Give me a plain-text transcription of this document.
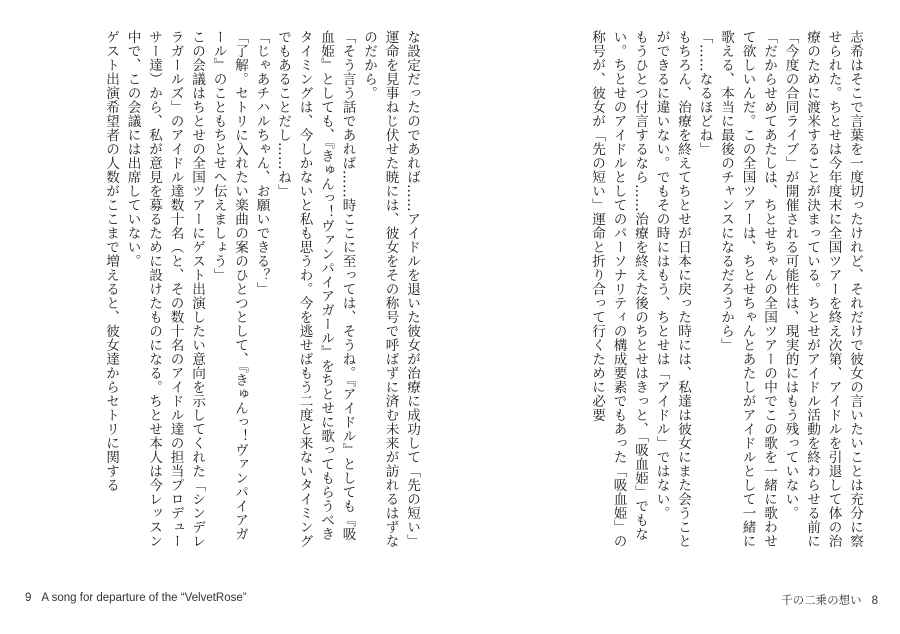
な設定だったのであれば……アイドルを退いた彼女が治療に成功して「先の短い」運命を見事ねじ伏せた暁には、彼女をその称号で呼ばずに済む未来が訪れるはずなのだから。

「そう言う話であれば……時ここに至っては、そうね。『アイドル』としても『吸血姫』としても、『きゅんっ！ヴァンパイアガール』をちとせに歌ってもらうべきタイミングは、今しかないと私も思うわ。今を逃せばもう二度と来ないタイミングでもあることだし……ね」

「じゃあチハルちゃん、お願いできる？」

「了解。セトリに入れたい楽曲の案のひとつとして、『きゅんっ！ヴァンパイアガール』のこともちとせへ伝えましょう」

この会議はちとせの全国ツアーにゲスト出演したい意向を示してくれた「シンデレラガールズ」のアイドル達数十名（と、その数十名のアイドル達の担当プロデューサー達）から、私が意見を募るために設けたものになる。ちとせ本人は今レッスン中で、この会議には出席していない。

ゲスト出演希望者の人数がここまで増えると、彼女達からセトリに関する

9 A song for departure of the “VelvetRose”

志希はそこで言葉を一度切ったけれど、それだけで彼女の言いたいことは充分に察せられた。ちとせは今年度末に全国ツアーを終え次第、アイドルを引退して体の治療のために渡米することが決まっている。ちとせがアイドル活動を終わらせる前に「今度の合同ライブ」が開催される可能性は、現実的にはもう残っていない。

「だからせめてあたしは、ちとせちゃんの全国ツアーの中でこの歌を一緒に歌わせて欲しいんだ。この全国ツアーは、ちとせちゃんとあたしがアイドルとして一緒に歌える、本当に最後のチャンスになるだろうから」

「……なるほどね」

もちろん、治療を終えてちとせが日本に戻った時には、私達は彼女にまた会うことができるに違いない。でもその時にはもう、ちとせは「アイドル」ではない。

もうひとつ付言するなら……治療を終えた後のちとせはきっと、「吸血姫」でもない。ちとせのアイドルとしてのパーソナリティの構成要素でもあった「吸血姫」の称号が、彼女が「先の短い」運命と折り合って行くために必要

千の二乗の想い 8
